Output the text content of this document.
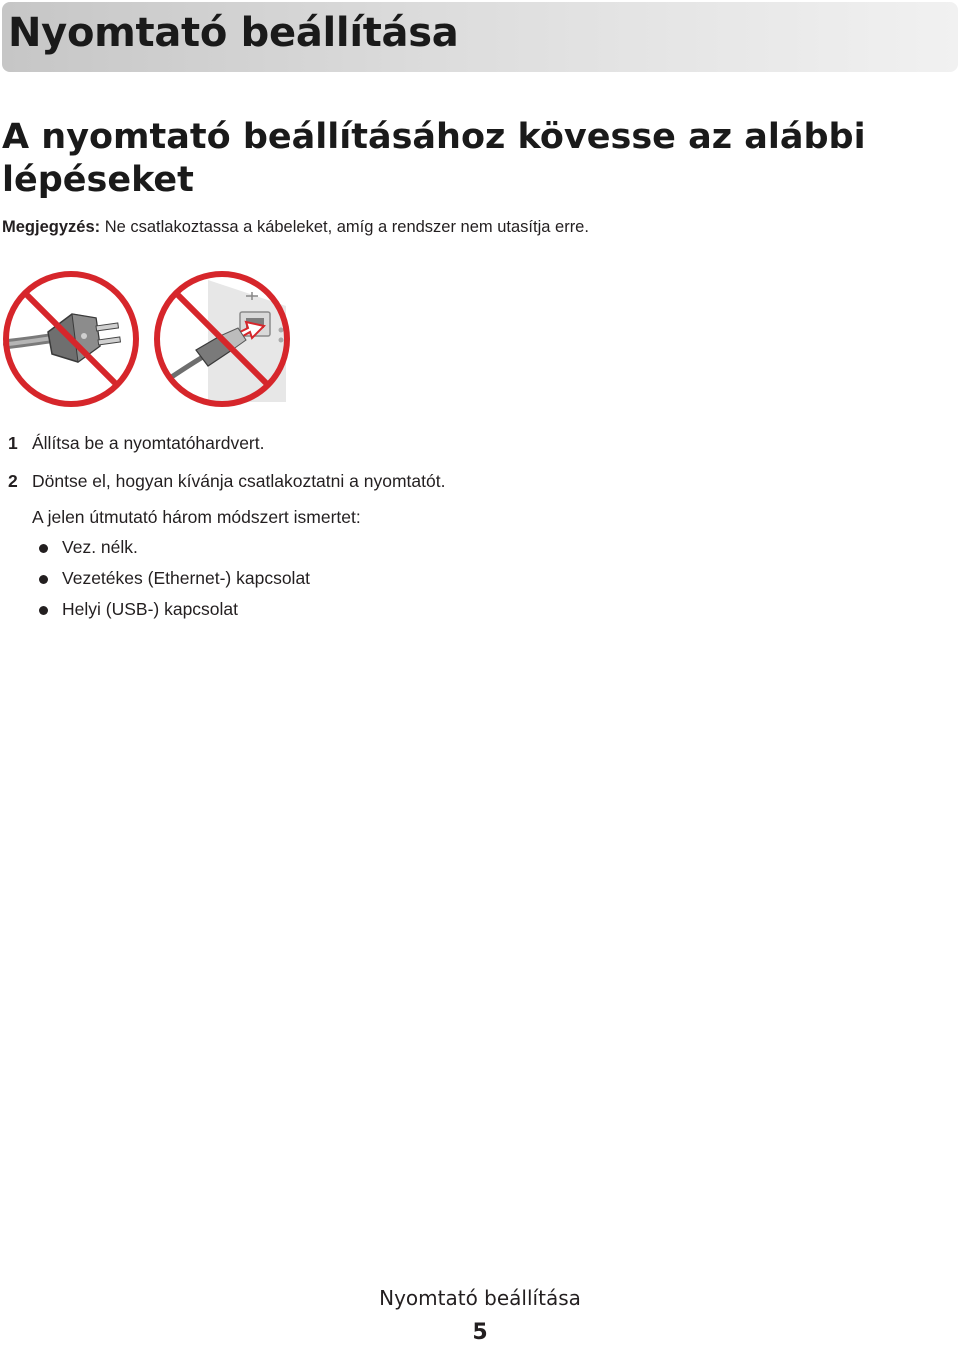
Nyomtató beállítása
A nyomtató beállításához kövesse az alábbi lépéseket
Megjegyzés: Ne csatlakoztassa a kábeleket, amíg a rendszer nem utasítja erre.
1 Állítsa be a nyomtatóhardvert.
2 Döntse el, hogyan kívánja csatlakoztatni a nyomtatót.
A jelen útmutató három módszert ismertet:
Vez. nélk.
Vezetékes (Ethernet-) kapcsolat
Helyi (USB-) kapcsolat
Nyomtató beállítása
5
